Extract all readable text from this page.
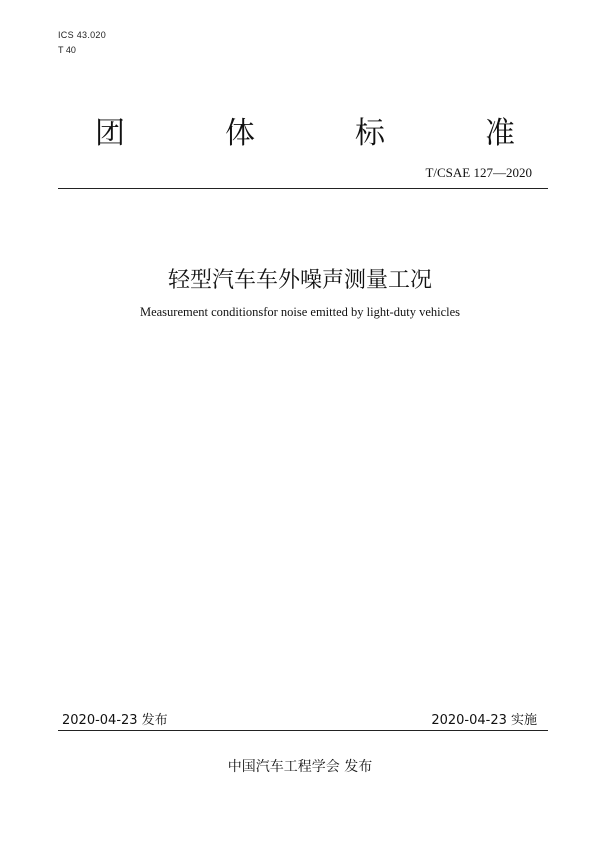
ICS 43.020
T 40
团	体	标	准
T/CSAE 127—2020
轻型汽车车外噪声测量工况
Measurement conditionsfor noise emitted by light-duty vehicles
2020-04-23 发布	2020-04-23 实施
中国汽车工程学会 发布
